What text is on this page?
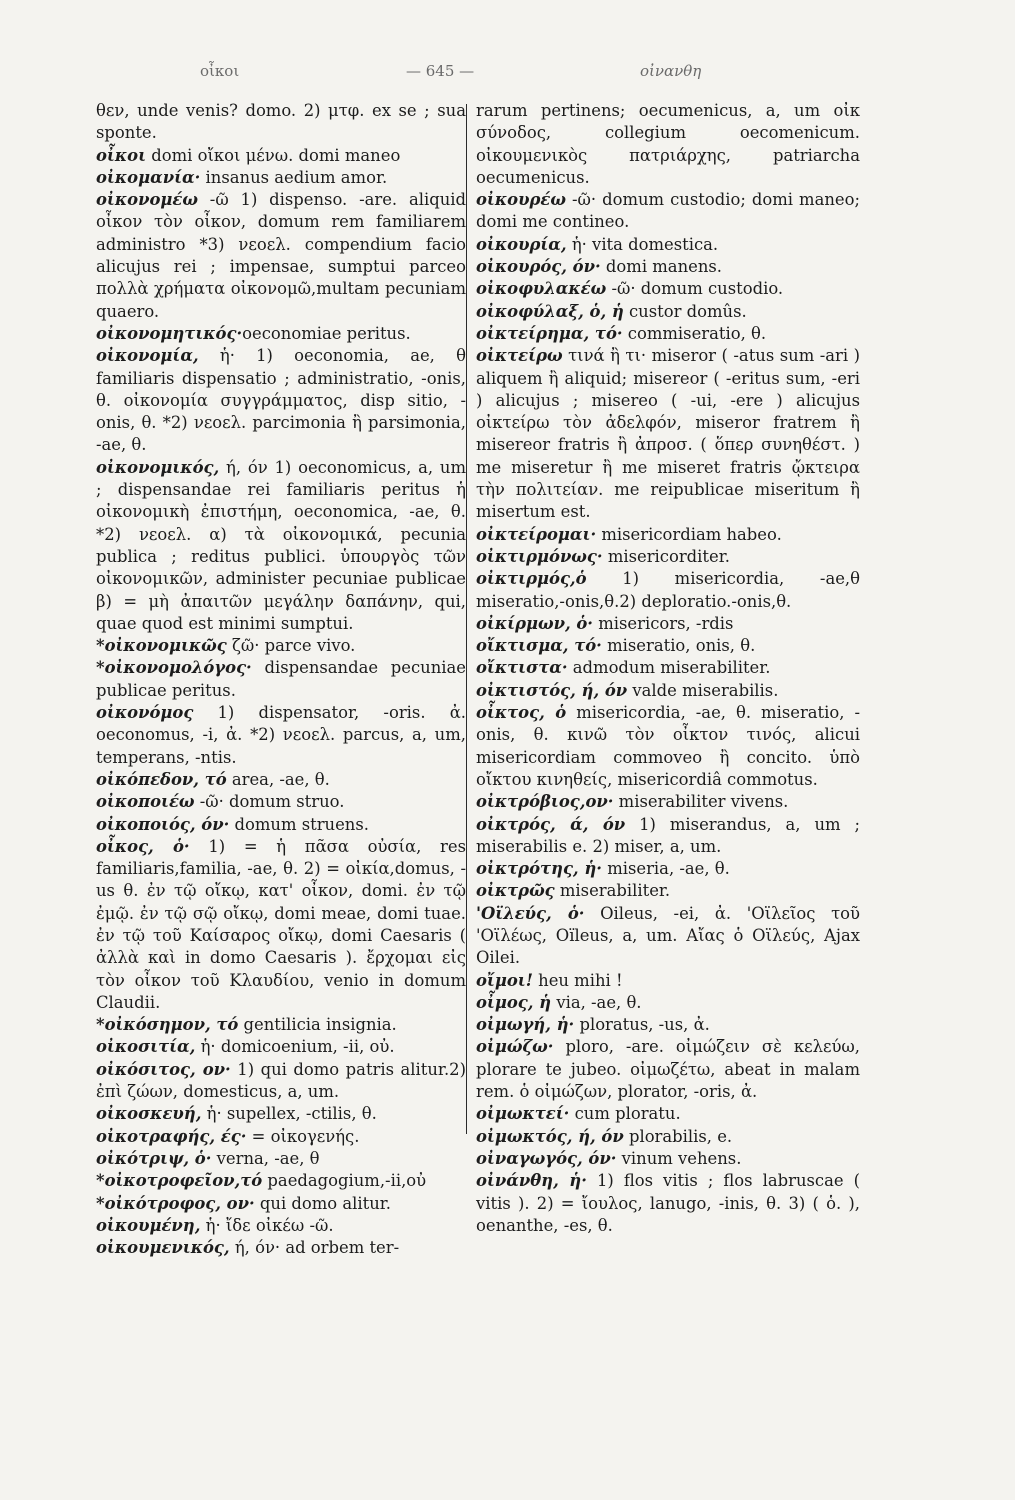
οἶκοι	— 645 —	οἰνανθη

θεν, unde venis? domo. 2) μτφ. ex se ; sua sponte.

οἶκοι domi οἴκοι μένω. domi maneo

οἰκομανία· insanus aedium amor.

οἰκονομέω -ῶ 1) dispenso. -are. aliquid οἶκον τὸν οἶκον, domum rem familiarem administro *3) νεοελ. compendium facio alicujus rei ; impensae, sumptui parceo πολλὰ χρήματα οἰκονομῶ,multam pecuniam quaero.

οἰκονομητικός·oeconomiae peritus.

οἰκονομία, ἡ· 1) oeconomia, ae, θ familiaris dispensatio ; administratio, -onis, θ. οἰκονομία συγγράμματος, disp sitio, -onis, θ. *2) νεοελ. parcimonia ἢ parsimonia, -ae, θ.

οἰκονομικός, ή, όν 1) oeconomicus, a, um ; dispensandae rei familiaris peritus ἡ οἰκονομικὴ ἐπιστήμη, oeconomica, -ae, θ. *2) νεοελ. α) τὰ οἰκονομικά, pecunia publica ; reditus publici. ὑπουργὸς τῶν οἰκονομικῶν, administer pecuniae publicae β) = μὴ ἀπαιτῶν μεγάλην δαπάνην, qui, quae quod est minimi sumptui.

*οἰκονομικῶς ζῶ· parce vivo.

*οἰκονομολόγος· dispensandae pecuniae publicae peritus.

οἰκονόμος 1) dispensator, -oris. ἀ. oeconomus, -i, ἀ. *2) νεοελ. parcus, a, um, temperans, -ntis.

οἰκόπεδον, τό area, -ae, θ.

οἰκοποιέω -ῶ· domum struo.

οἰκοποιός, όν· domum struens.

οἶκος, ὁ· 1) = ἡ πᾶσα οὐσία, res familiaris,familia, -ae, θ. 2) = οἰκία,domus, -us θ. ἐν τῷ οἴκῳ, κατ' οἶκον, domi. ἐν τῷ ἐμῷ. ἐν τῷ σῷ οἴκῳ, domi meae, domi tuae. ἐν τῷ τοῦ Καίσαρος οἴκῳ, domi Caesaris ( ἀλλὰ καὶ in domo Caesaris ). ἔρχομαι εἰς τὸν οἶκον τοῦ Κλαυδίου, venio in domum Claudii.

*οἰκόσημον, τό gentilicia insignia.

οἰκοσιτία, ἡ· domicoenium, -ii, οὐ.

οἰκόσιτος, ον· 1) qui domo patris alitur.2) ἐπὶ ζώων, domesticus, a, um.

οἰκοσκευή, ἡ· supellex, -ctilis, θ.

οἰκοτραφής, ές· = οἰκογενής.

οἰκότριψ, ὁ· verna, -ae, θ

*οἰκοτροφεῖον,τό paedagogium,-ii,οὐ

*οἰκότροφος, ον· qui domo alitur.

οἰκουμένη, ἡ· ἴδε οἰκέω -ῶ.

οἰκουμενικός, ή, όν· ad orbem ter-

rarum pertinens; oecumenicus, a, um οἰκ σύνοδος, collegium oecomenicum. οἰκουμενικὸς πατριάρχης, patriarcha oecumenicus.

οἰκουρέω -ῶ· domum custodio; domi maneo; domi me contineo.

οἰκουρία, ἡ· vita domestica.

οἰκουρός, όν· domi manens.

οἰκοφυλακέω -ῶ· domum custodio.

οἰκοφύλαξ, ὁ, ἡ custor domûs.

οἰκτείρημα, τό· commiseratio, θ.

οἰκτείρω τινά ἢ τι· miseror ( -atus sum -ari ) aliquem ἢ aliquid; misereor ( -eritus sum, -eri ) alicujus ; misereo ( -ui, -ere ) alicujus οἰκτείρω τὸν ἀδελφόν, miseror fratrem ἢ misereor fratris ἢ ἀπροσ. ( ὅπερ συνηθέστ. ) me miseretur ἢ me miseret fratris ᾤκτειρα τὴν πολιτείαν. me reipublicae miseritum ἢ misertum est.

οἰκτείρομαι· misericordiam habeo.

οἰκτιρμόνως· misericorditer.

οἰκτιρμός,ὁ 1) misericordia, -ae,θ miseratio,-onis,θ.2) deploratio.-onis,θ.

οἰκίρμων, ὁ· misericors, -rdis

οἴκτισμα, τό· miseratio, onis, θ.

οἴκτιστα· admodum miserabiliter.

οἰκτιστός, ή, όν valde miserabilis.

οἶκτος, ὁ misericordia, -ae, θ. miseratio, -onis, θ. κινῶ τὸν οἶκτον τινός, alicui misericordiam commoveo ἢ concito. ὑπὸ οἴκτου κινηθείς, misericordiâ commotus.

οἰκτρόβιος,ον· miserabiliter vivens.

οἰκτρός, ά, όν 1) miserandus, a, um ; miserabilis e. 2) miser, a, um.

οἰκτρότης, ἡ· miseria, -ae, θ.

οἰκτρῶς miserabiliter.

'Οϊλεύς, ὁ· Oileus, -ei, ἀ. 'Οϊλεῖος τοῦ 'Οϊλέως, Oïleus, a, um. Αἴας ὁ Οϊλεύς, Ajax Oilei.

οἴμοι! heu mihi !

οἶμος, ἡ via, -ae, θ.

οἰμωγή, ἡ· ploratus, -us, ἀ.

οἰμώζω· ploro, -are. οἰμώζειν σὲ κελεύω, plorare te jubeo. οἰμωζέτω, abeat in malam rem. ὁ οἰμώζων, plorator, -oris, ἀ.

οἰμωκτεί· cum ploratu.

οἰμωκτός, ή, όν plorabilis, e.

οἰναγωγός, όν· vinum vehens.

οἰνάνθη, ἡ· 1) flos vitis ; flos labruscae ( vitis ). 2) = ἴουλος, lanugo, -inis, θ. 3) ( ὁ. ), oenanthe, -es, θ.
